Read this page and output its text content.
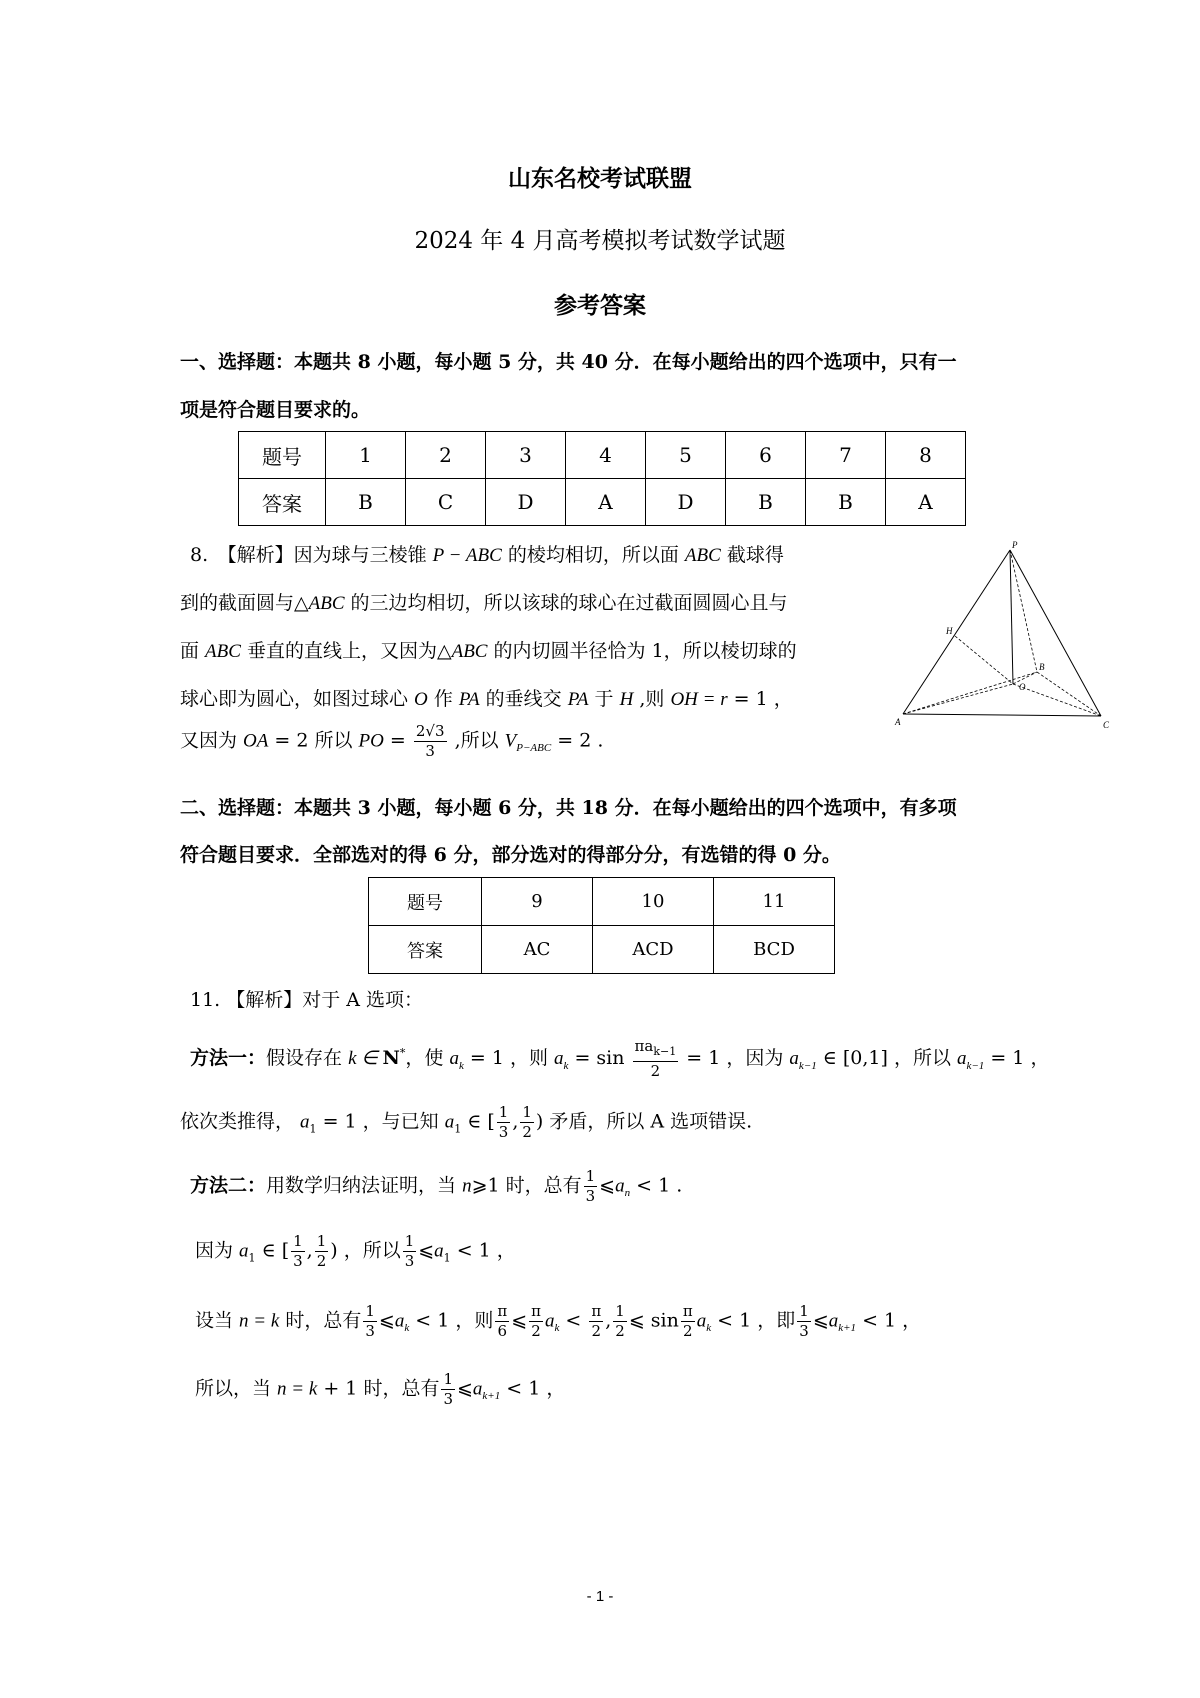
山东名校考试联盟
2024 年 4 月高考模拟考试数学试题
参考答案
一、选择题：本题共 8 小题，每小题 5 分，共 40 分．在每小题给出的四个选项中，只有一
项是符合题目要求的。
题号	1	2	3	4	5	6	7	8
答案	B	C	D	A	D	B	B	A
8.　【解析】因为球与三棱锥 P − ABC 的棱均相切，所以面 ABC 截球得
到的截面圆与△ABC 的三边均相切，所以该球的球心在过截面圆圆心且与
面 ABC 垂直的直线上，又因为△ABC 的内切圆半径恰为 1，所以棱切球的
球心即为圆心，如图过球心 O 作 PA 的垂线交 PA 于 H ,则 OH = r = 1 ，
又因为 OA = 2 所以 PO = $\frac{2√3}{3}$ ,所以 $V_{P-ABC} = 2$ .
P
H
O
B
A	C
二、选择题：本题共 3 小题，每小题 6 分，共 18 分．在每小题给出的四个选项中，有多项
符合题目要求．全部选对的得 6 分，部分选对的得部分分，有选错的得 0 分。
题号	9	10	11
答案	AC	ACD	BCD
11. 【解析】对于 A 选项：
方法一：假设存在 k ∈ N*，使 $a_k = 1$ ，则 $a_k = \sin \frac{\pi a_{k-1}}{2} = 1$ ，因为 $a_{k-1}$ ∈ [0,1] ，所以 $a_{k-1} = 1$ ，
依次类推得， $a_1 = 1$ ，与已知 $a_1$ ∈ [ $\frac{1}{3}$ , $\frac{1}{2}$ ) 矛盾，所以 A 选项错误.
方法二：用数学归纳法证明，当 n⩾1 时，总有 $\frac{1}{3}$ $⩽a_n < 1$ .
因为 $a_1$ ∈ [ $\frac{1}{3}$ , $\frac{1}{2}$ ) ，所以 $\frac{1}{3}$ $⩽a_1 < 1$ ，
设当 n = k 时，总有 $\frac{1}{3}$ $⩽a_k < 1$ ，则 $\frac{\pi}{6}$ ⩽ $\frac{\pi}{2} a_k < \frac{\pi}{2}$ , $\frac{1}{2}$ ⩽ $\sin \frac{\pi}{2} a_k < 1$ ，即 $\frac{1}{3}$ $⩽a_{k+1} < 1$ ，
所以，当 n = k + 1 时，总有 $\frac{1}{3}$ $⩽a_{k+1} < 1$ ，
- 1 -
